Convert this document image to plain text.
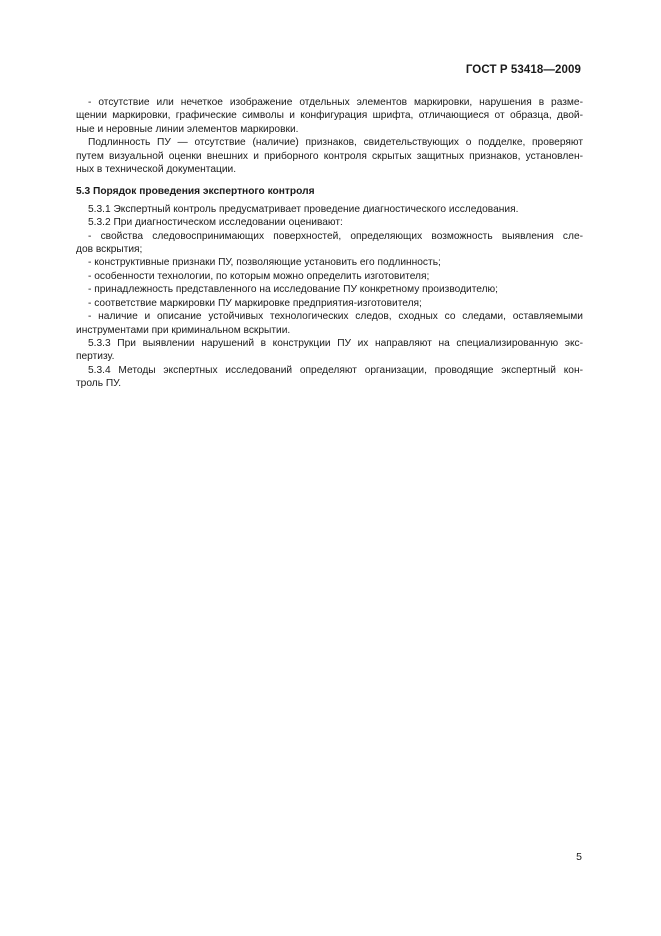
ГОСТ Р 53418—2009
- отсутствие или нечеткое изображение отдельных элементов маркировки, нарушения в разме-
щении маркировки, графические символы и конфигурация шрифта, отличающиеся от образца, двой-
ные и неровные линии элементов маркировки.
Подлинность ПУ — отсутствие (наличие) признаков, свидетельствующих о подделке, проверяют
путем визуальной оценки внешних и приборного контроля скрытых защитных признаков, установлен-
ных в технической документации.
5.3 Порядок проведения экспертного контроля
5.3.1 Экспертный контроль предусматривает проведение диагностического исследования.
5.3.2 При диагностическом исследовании оценивают:
- свойства следовоспринимающих поверхностей, определяющих возможность выявления сле-
дов вскрытия;
- конструктивные признаки ПУ, позволяющие установить его подлинность;
- особенности технологии, по которым можно определить изготовителя;
- принадлежность представленного на исследование ПУ конкретному производителю;
- соответствие маркировки ПУ маркировке предприятия-изготовителя;
- наличие и описание устойчивых технологических следов, сходных со следами, оставляемыми
инструментами при криминальном вскрытии.
5.3.3 При выявлении нарушений в конструкции ПУ их направляют на специализированную экс-
пертизу.
5.3.4 Методы экспертных исследований определяют организации, проводящие экспертный кон-
троль ПУ.
5
